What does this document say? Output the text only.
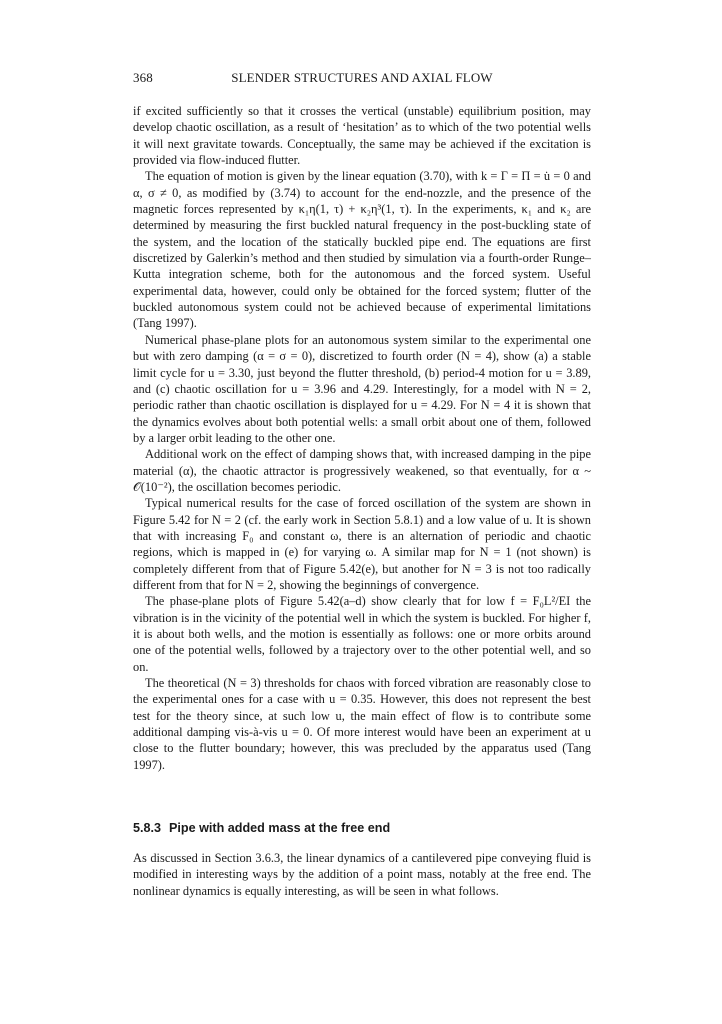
368	SLENDER STRUCTURES AND AXIAL FLOW

if excited sufficiently so that it crosses the vertical (unstable) equilibrium position, may develop chaotic oscillation, as a result of ‘hesitation’ as to which of the two potential wells it will next gravitate towards. Conceptually, the same may be achieved if the excitation is provided via flow-induced flutter.

The equation of motion is given by the linear equation (3.70), with k = Γ = Π = u̇ = 0 and α, σ ≠ 0, as modified by (3.74) to account for the end-nozzle, and the presence of the magnetic forces represented by κ₁η(1, τ) + κ₂η³(1, τ). In the experiments, κ₁ and κ₂ are determined by measuring the first buckled natural frequency in the post-buckling state of the system, and the location of the statically buckled pipe end. The equations are first discretized by Galerkin’s method and then studied by simulation via a fourth-order Runge–Kutta integration scheme, both for the autonomous and the forced system. Useful experimental data, however, could only be obtained for the forced system; flutter of the buckled autonomous system could not be achieved because of experimental limitations (Tang 1997).

Numerical phase-plane plots for an autonomous system similar to the experimental one but with zero damping (α = σ = 0), discretized to fourth order (N = 4), show (a) a stable limit cycle for u = 3.30, just beyond the flutter threshold, (b) period-4 motion for u = 3.89, and (c) chaotic oscillation for u = 3.96 and 4.29. Interestingly, for a model with N = 2, periodic rather than chaotic oscillation is displayed for u = 4.29. For N = 4 it is shown that the dynamics evolves about both potential wells: a small orbit about one of them, followed by a larger orbit leading to the other one.

Additional work on the effect of damping shows that, with increased damping in the pipe material (α), the chaotic attractor is progressively weakened, so that eventually, for α ~ 𝒪(10⁻²), the oscillation becomes periodic.

Typical numerical results for the case of forced oscillation of the system are shown in Figure 5.42 for N = 2 (cf. the early work in Section 5.8.1) and a low value of u. It is shown that with increasing F₀ and constant ω, there is an alternation of periodic and chaotic regions, which is mapped in (e) for varying ω. A similar map for N = 1 (not shown) is completely different from that of Figure 5.42(e), but another for N = 3 is not too radically different from that for N = 2, showing the beginnings of convergence.

The phase-plane plots of Figure 5.42(a–d) show clearly that for low f = F₀L²/EI the vibration is in the vicinity of the potential well in which the system is buckled. For higher f, it is about both wells, and the motion is essentially as follows: one or more orbits around one of the potential wells, followed by a trajectory over to the other potential well, and so on.

The theoretical (N = 3) thresholds for chaos with forced vibration are reasonably close to the experimental ones for a case with u = 0.35. However, this does not represent the best test for the theory since, at such low u, the main effect of flow is to contribute some additional damping vis-à-vis u = 0. Of more interest would have been an experiment at u close to the flutter boundary; however, this was precluded by the apparatus used (Tang 1997).

5.8.3 Pipe with added mass at the free end

As discussed in Section 3.6.3, the linear dynamics of a cantilevered pipe conveying fluid is modified in interesting ways by the addition of a point mass, notably at the free end. The nonlinear dynamics is equally interesting, as will be seen in what follows.
